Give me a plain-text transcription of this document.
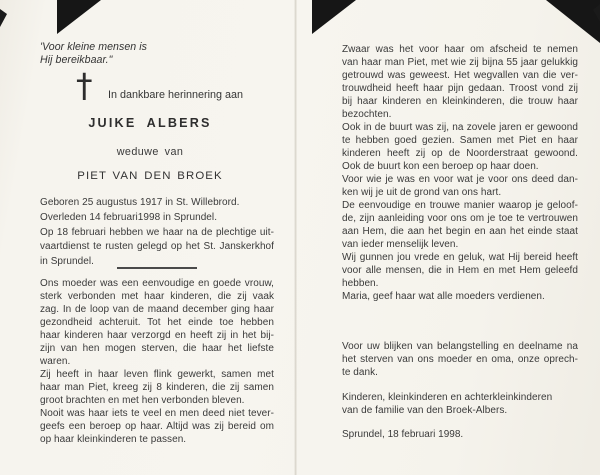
'Voor kleine mensen is
Hij bereikbaar."
† In dankbare herinnering aan
JUIKE ALBERS
weduwe van
PIET VAN DEN BROEK
Geboren 25 augustus 1917 in St. Willebrord.
Overleden 14 februari1998 in Sprundel.
Op 18 februari hebben we haar na de plechtige uit-
vaartdienst te rusten gelegd op het St. Janskerkhof
in Sprundel.
Ons moeder was een eenvoudige en goede vrouw,
sterk verbonden met haar kinderen, die zij vaak
zag. In de loop van de maand december ging haar
gezondheid achteruit. Tot het einde toe hebben
haar kinderen haar verzorgd en heeft zij in het bij-
zijn van hen mogen sterven, die haar het liefste
waren.
Zij heeft in haar leven flink gewerkt, samen met
haar man Piet, kreeg zij 8 kinderen, die zij samen
groot brachten en met hen verbonden bleven.
Nooit was haar iets te veel en men deed niet tever-
geefs een beroep op haar. Altijd was zij bereid om
op haar kleinkinderen te passen.
Zwaar was het voor haar om afscheid te nemen
van haar man Piet, met wie zij bijna 55 jaar gelukkig
getrouwd was geweest. Het wegvallen van die ver-
trouwdheid heeft haar pijn gedaan. Troost vond zij
bij haar kinderen en kleinkinderen, die trouw haar
bezochten.
Ook in de buurt was zij, na zovele jaren er gewoond
te hebben goed gezien. Samen met Piet en haar
kinderen heeft zij op de Noorderstraat gewoond.
Ook de buurt kon een beroep op haar doen.
Voor wie je was en voor wat je voor ons deed dan-
ken wij je uit de grond van ons hart.
De eenvoudige en trouwe manier waarop je geloof-
de, zijn aanleiding voor ons om je toe te vertrouwen
aan Hem, die aan het begin en aan het einde staat
van ieder menselijk leven.
Wij gunnen jou vrede en geluk, wat Hij bereid heeft
voor alle mensen, die in Hem en met Hem geleefd
hebben.
Maria, geef haar wat alle moeders verdienen.
Voor uw blijken van belangstelling en deelname na
het sterven van ons moeder en oma, onze oprech-
te dank.
Kinderen, kleinkinderen en achterkleinkinderen
van de familie van den Broek-Albers.
Sprundel, 18 februari 1998.
